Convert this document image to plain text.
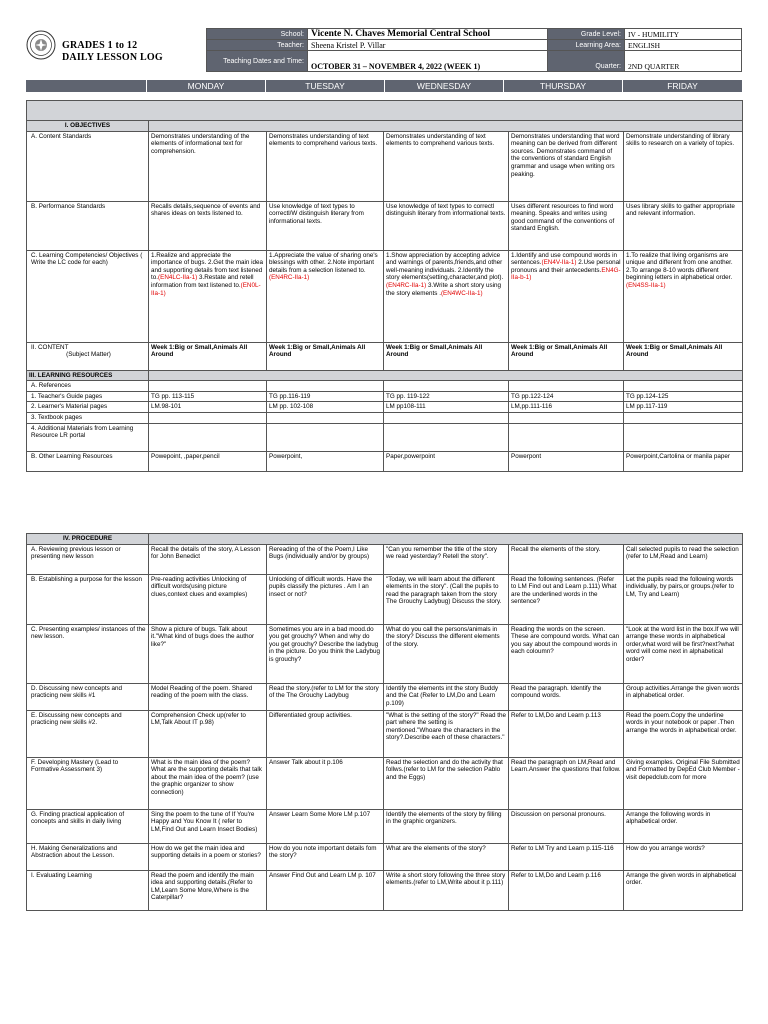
GRADES 1 to 12
DAILY LESSON LOG
School:	Vicente N. Chaves Memorial Central School	Grade Level:	IV - HUMILITY
Teacher:	Sheena Kristel P. Villar	Learning Area:	ENGLISH
Teaching Dates and Time:	OCTOBER 31 – NOVEMBER 4, 2022 (WEEK 1)	Quarter:	2ND QUARTER
MONDAY	TUESDAY	WEDNESDAY	THURSDAY	FRIDAY

I. OBJECTIVES					
A. Content Standards	Demonstrates understanding of the elements of informational text for comprehension.	Demonstrates understanding of text elements to comprehend various texts.	Demonstrates understanding of text elements to comprehend various texts.	Demonstrates understanding that word meaning can be derived from different sources. Demonstrates command of the conventions of standard English grammar and usage when writing ors peaking.	Demonstrate understanding of library skills to research on a variety of topics.
B. Performance Standards	Recalls details,sequence of events and shares ideas on texts listened to.	Use knowledge of text types to correctl/W distinguish literary from informational texts.	Use knowledge of text types to correctl distinguish literary from informational texts.	Uses different resources to find word meaning. Speaks and writes using good command of the conventions of standard English.	Uses library skills to gather appropriate and relevant information.
C. Learning Competencies/ Objectives ( Write the LC code for each)	1.Realize and appreciate the importance of bugs. 2.Get the main idea and supporting details from text listened to.(EN4LC-IIa-1) 3.Restate and retell information from text listened to.(EN0L-IIa-1)	1.Appreciate the value of sharing one's blessings with other. 2.Note important details from a selection listened to.(EN4RC-IIa-1)	1.Show appreciation by accepting advice and warnings of parents,friends,and other well-meaning individuals. 2.Identify the story elements(setting,character,and plot).(EN4RC-IIa-1) 3.Write a short story using the story elements .(EN4WC-IIa-1)	1.Identify and use compound words in sentences.(EN4V-IIa-1) 2.Use personal pronouns and their antecedents.EN4G-IIa-b-1)	1.To realize that living organisms are unique and different from one another. 2.To arrange 8-10 words different beginning letters in alphabetical order.(EN4SS-IIa-1)

II. CONTENT
(Subject Matter)	Week 1:Big or Small,Animals All Around	Week 1:Big or Small,Animals All Around	Week 1:Big or Small,Animals All Around	Week 1:Big or Small,Animals All Around	Week 1:Big or Small,Animals All Around
III. LEARNING RESOURCES					
A. References					
1. Teacher's Guide pages	TG pp. 113-115	TG pp.116-119	TG pp. 119-122	TG pp.122-124	TG pp.124-125
2. Learner's Material pages	LM.98-101	LM pp. 102-108	LM pp108-111	LM,pp.111-116	LM pp.117-119
3. Textbook pages					
4. Additional Materials from Learning Resource LR portal					
B. Other Learning Resources	Powepoint, ,paper,pencil	Powerpoint,	Paper,powerpoint	Powerpont	Powerpoint,Cartolina or manila paper
IV. PROCEDURE					
A. Reviewing previous lesson or presenting new lesson	Recall the details of the story, A Lesson for John Benedict	Rereading of the of the Poem,I Like Bugs (individually and/or by groups)	"Can you remember the title of the story we read yesterday? Retell the story".	Recall the elements of the story.	Call selected pupils to read the selection (refer to LM,Read and Learn)
B. Establishing a purpose for the lesson	Pre-reading activities Unlocking of difficult words(using picture clues,context clues and examples)	Unlocking of difficult words. Have the pupils classify the pictures . Am I an insect or not?	"Today, we will learn about the different elements in the story". (Call the pupils to read the paragraph taken from the story The Grouchy Ladybug) Discuss the story.	Read the following sentences. (Refer to LM Find out and Learn p.111) What are the underlined words in the sentence?	Let the pupils read the following words individually, by pairs,or groups.(refer to LM, Try and Learn)
C. Presenting examples/ instances of the new lesson.	Show a picture of bugs. Talk about it."What kind of bugs does the author like?"	Sometimes you are in a bad mood.do you get grouchy? When and why do you get grouchy? Describe the ladybug in the picture. Do you think the Ladybug is grouchy?	What do you call the persons/animals in the story? Discuss the different elements of the story.	Reading the words on the screen. These are compound words. What can you say about the compound words in each coloumn?	"Look at the word list in the box.If we will arrange these words in alphabetical order,what word will be first?next?what word will come next in alphabetical order?
D. Discussing new concepts and practicing new skills #1	Model Reading of the poem. Shared reading of the poem with the class.	Read the story.(refer to LM for the story of the The Grouchy Ladybug	Identify the elements int the story Buddy and the Cat (Refer to LM,Do and Learn p.109)	Read the paragraph. Identify the compound words.	Group activities.Arrange the given words in alphabetical order.
E. Discussing new concepts and practicing new skills #2.	Comprehension Check up(refer to LM,Talk About IT p.98)	Differentiated group activities.	"What is the setting of the story?" Read the part where the setting is mentioned."Whoare the characters in the story?.Describe each of these characters."	Refer to LM,Do and Learn p.113	Read the poem.Copy the underline words in your notebook or paper .Then arrange the words in alphabetical order.
F. Developing Mastery (Lead to Formative Assessment 3)	What is the main idea of the poem?What are the supporting details that talk about the main idea of the poem? (use the graphic organizer to show connection)	Answer Talk about it p.106	Read the selection and do the activity that follws.(refer to LM for the selection Pablo and the Eggs)	Read the paragraph on LM,Read and Learn.Answer the questions that follow.	Giving examples. Original File Submitted and Formatted by DepEd Club Member - visit depedclub.com for more
G. Finding practical application of concepts and skills in daily living	Sing the poem to the tune of If You're Happy and You Know It ( refer to LM,Find Out and Learn Insect Bodies)	Answer Learn Some More LM p.107	Identify the elements of the story by filling in the graphic organizers.	Discussion on personal pronouns.	Arrange the following words in alphabetical order.
H. Making Generalizations and Abstraction about the Lesson.	How do we get the main idea and supporting details in a poem or stories?	How do you note important details fom the story?	What are the elements of the story?	Refer to LM Try and Learn p.115-116	How do you arrange words?
I. Evaluating Learning	Read the poem and identify the main idea and supporting details.(Refer to LM,Learn Some More,Where is the Caterpillar?	Answer Find Out and Learn LM p. 107	Write a short story following the three story elements.(refer to LM,Write about it p.111)	Refer to LM,Do and Learn p.116	Arrange the given words in alphabetical order.
